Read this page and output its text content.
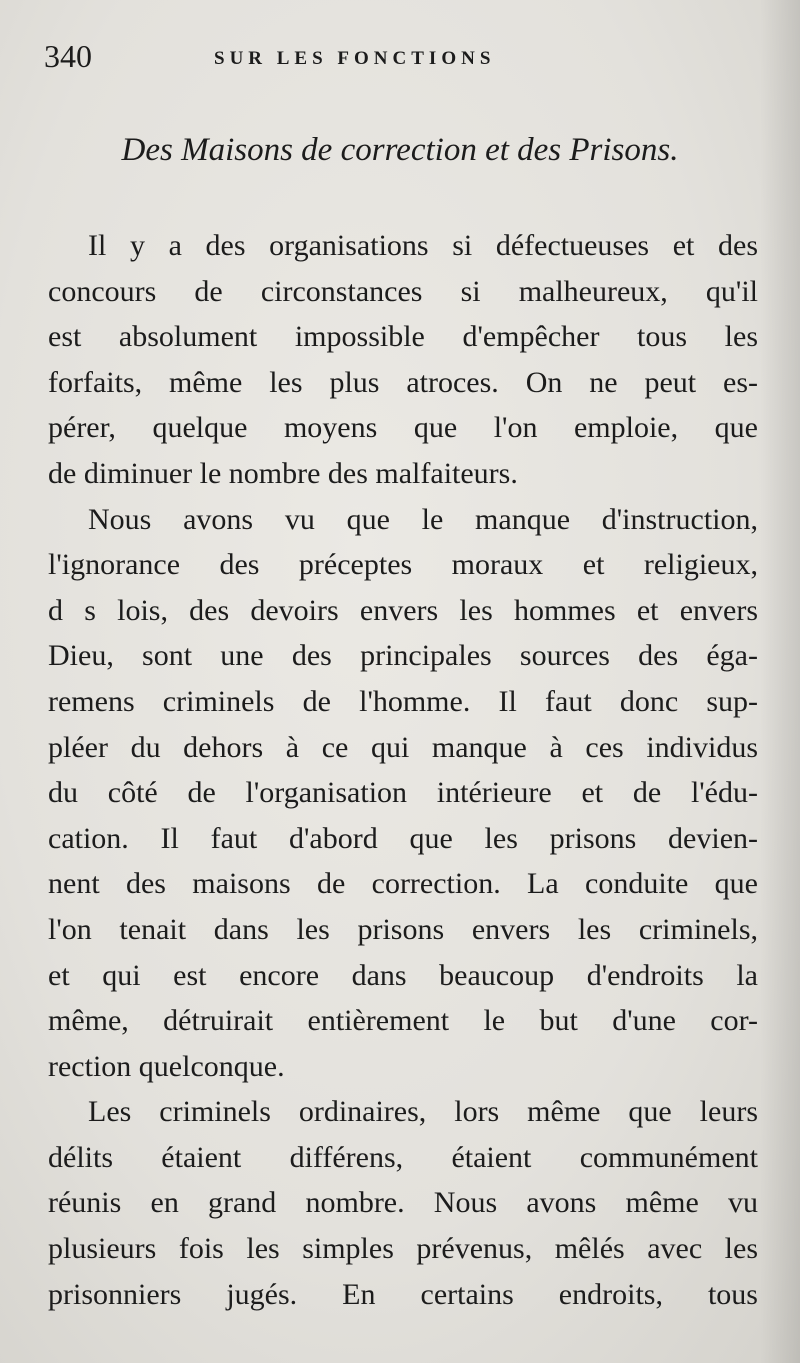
340	SUR LES FONCTIONS
Des Maisons de correction et des Prisons.
Il y a des organisations si défectueuses et des
concours de circonstances si malheureux, qu'il
est absolument impossible d'empêcher tous les
forfaits, même les plus atroces. On ne peut es-
pérer, quelque moyens que l'on emploie, que
de diminuer le nombre des malfaiteurs.
Nous avons vu que le manque d'instruction,
l'ignorance des préceptes moraux et religieux,
d s lois, des devoirs envers les hommes et envers
Dieu, sont une des principales sources des éga-
remens criminels de l'homme. Il faut donc sup-
pléer du dehors à ce qui manque à ces individus
du côté de l'organisation intérieure et de l'édu-
cation. Il faut d'abord que les prisons devien-
nent des maisons de correction. La conduite que
l'on tenait dans les prisons envers les criminels,
et qui est encore dans beaucoup d'endroits la
même, détruirait entièrement le but d'une cor-
rection quelconque.
Les criminels ordinaires, lors même que leurs
délits étaient différens, étaient communément
réunis en grand nombre. Nous avons même vu
plusieurs fois les simples prévenus, mêlés avec les
prisonniers jugés. En certains endroits, tous
